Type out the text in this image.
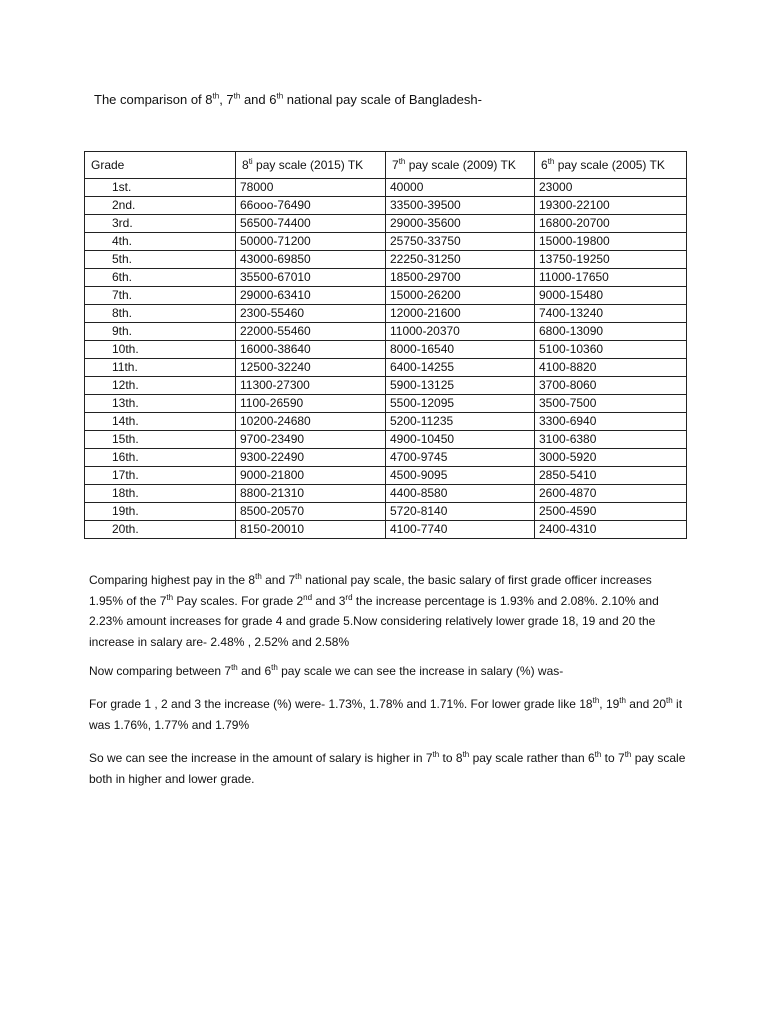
The comparison of 8th, 7th and 6th national pay scale of Bangladesh-
Grade	$8^{ti}$ pay scale (2015) TK	7th pay scale (2009) TK	6th pay scale (2005) TK
1st.	78000	40000	23000
2nd.	66ooo-76490	33500-39500	19300-22100
3rd.	56500-74400	29000-35600	16800-20700
4th.	50000-71200	25750-33750	15000-19800
5th.	43000-69850	22250-31250	13750-19250
6th.	35500-67010	18500-29700	11000-17650
7th.	29000-63410	15000-26200	9000-15480
8th.	2300-55460	12000-21600	7400-13240
9th.	22000-55460	11000-20370	6800-13090
10th.	16000-38640	8000-16540	5100-10360
11th.	12500-32240	6400-14255	4100-8820
12th.	11300-27300	5900-13125	3700-8060
13th.	1100-26590	5500-12095	3500-7500
14th.	10200-24680	5200-11235	3300-6940
15th.	9700-23490	4900-10450	3100-6380
16th.	9300-22490	4700-9745	3000-5920
17th.	9000-21800	4500-9095	2850-5410
18th.	8800-21310	4400-8580	2600-4870
19th.	8500-20570	5720-8140	2500-4590
20th.	8150-20010	4100-7740	2400-4310
Comparing highest pay in the 8th and 7th national pay scale, the basic salary of first grade officer increases 1.95% of the 7th Pay scales. For grade 2nd and 3rd the increase percentage is 1.93% and 2.08%. 2.10% and 2.23% amount increases for grade 4 and grade 5.Now considering relatively lower grade 18, 19 and 20 the increase in salary are- 2.48% , 2.52% and 2.58%
Now comparing between 7th and 6th pay scale we can see the increase in salary (%) was-
For grade 1 , 2 and 3 the increase (%) were- 1.73%, 1.78% and 1.71%. For lower grade like 18th, 19th and 20th it was 1.76%, 1.77% and 1.79%
So we can see the increase in the amount of salary is higher in 7th to 8th pay scale rather than 6th to 7th pay scale both in higher and lower grade.
